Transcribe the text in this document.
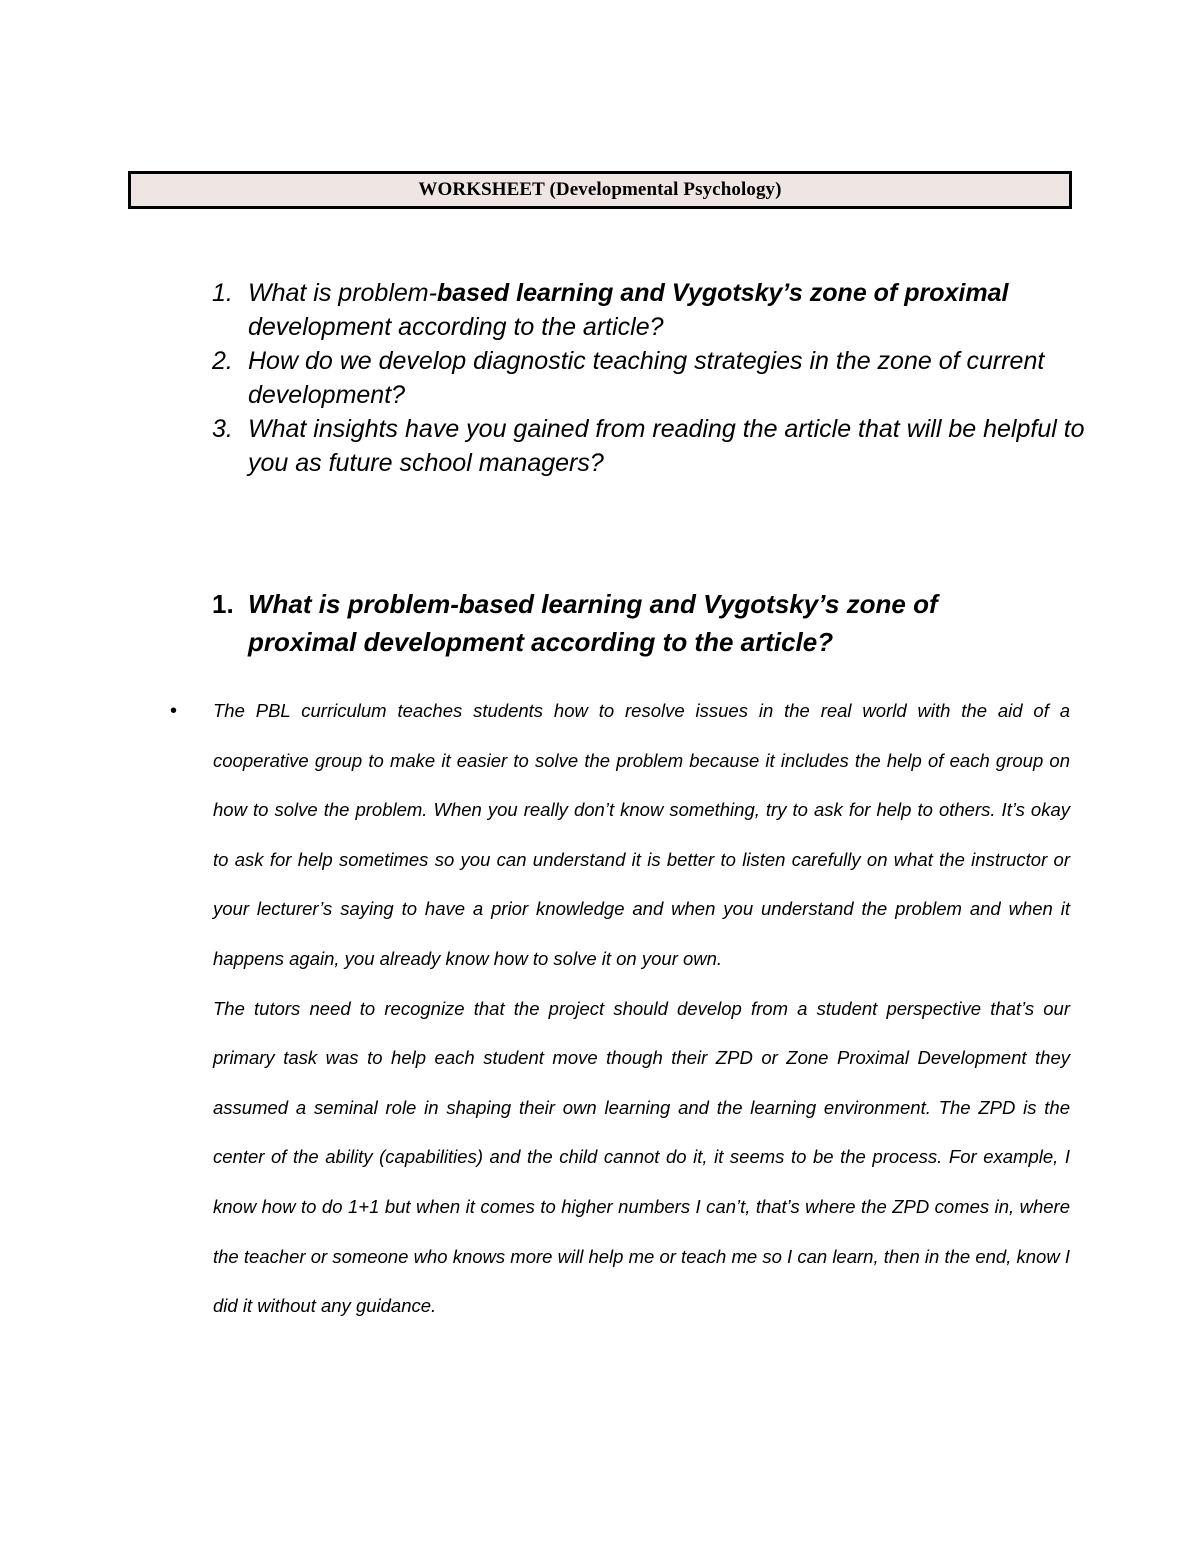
WORKSHEET (Developmental Psychology)
1. What is problem-based learning and Vygotsky’s zone of proximal development according to the article?
2. How do we develop diagnostic teaching strategies in the zone of current development?
3. What insights have you gained from reading the article that will be helpful to you as future school managers?
1. What is problem-based learning and Vygotsky’s zone of proximal development according to the article?
•	The PBL curriculum teaches students how to resolve issues in the real world with the aid of a cooperative group to make it easier to solve the problem because it includes the help of each group on how to solve the problem. When you really don’t know something, try to ask for help to others. It’s okay to ask for help sometimes so you can understand it is better to listen carefully on what the instructor or your lecturer’s saying to have a prior knowledge and when you understand the problem and when it happens again, you already know how to solve it on your own.

The tutors need to recognize that the project should develop from a student perspective that’s our primary task was to help each student move though their ZPD or Zone Proximal Development they assumed a seminal role in shaping their own learning and the learning environment. The ZPD is the center of the ability (capabilities) and the child cannot do it, it seems to be the process. For example, I know how to do 1+1 but when it comes to higher numbers I can’t, that’s where the ZPD comes in, where the teacher or someone who knows more will help me or teach me so I can learn, then in the end, know I did it without any guidance.
